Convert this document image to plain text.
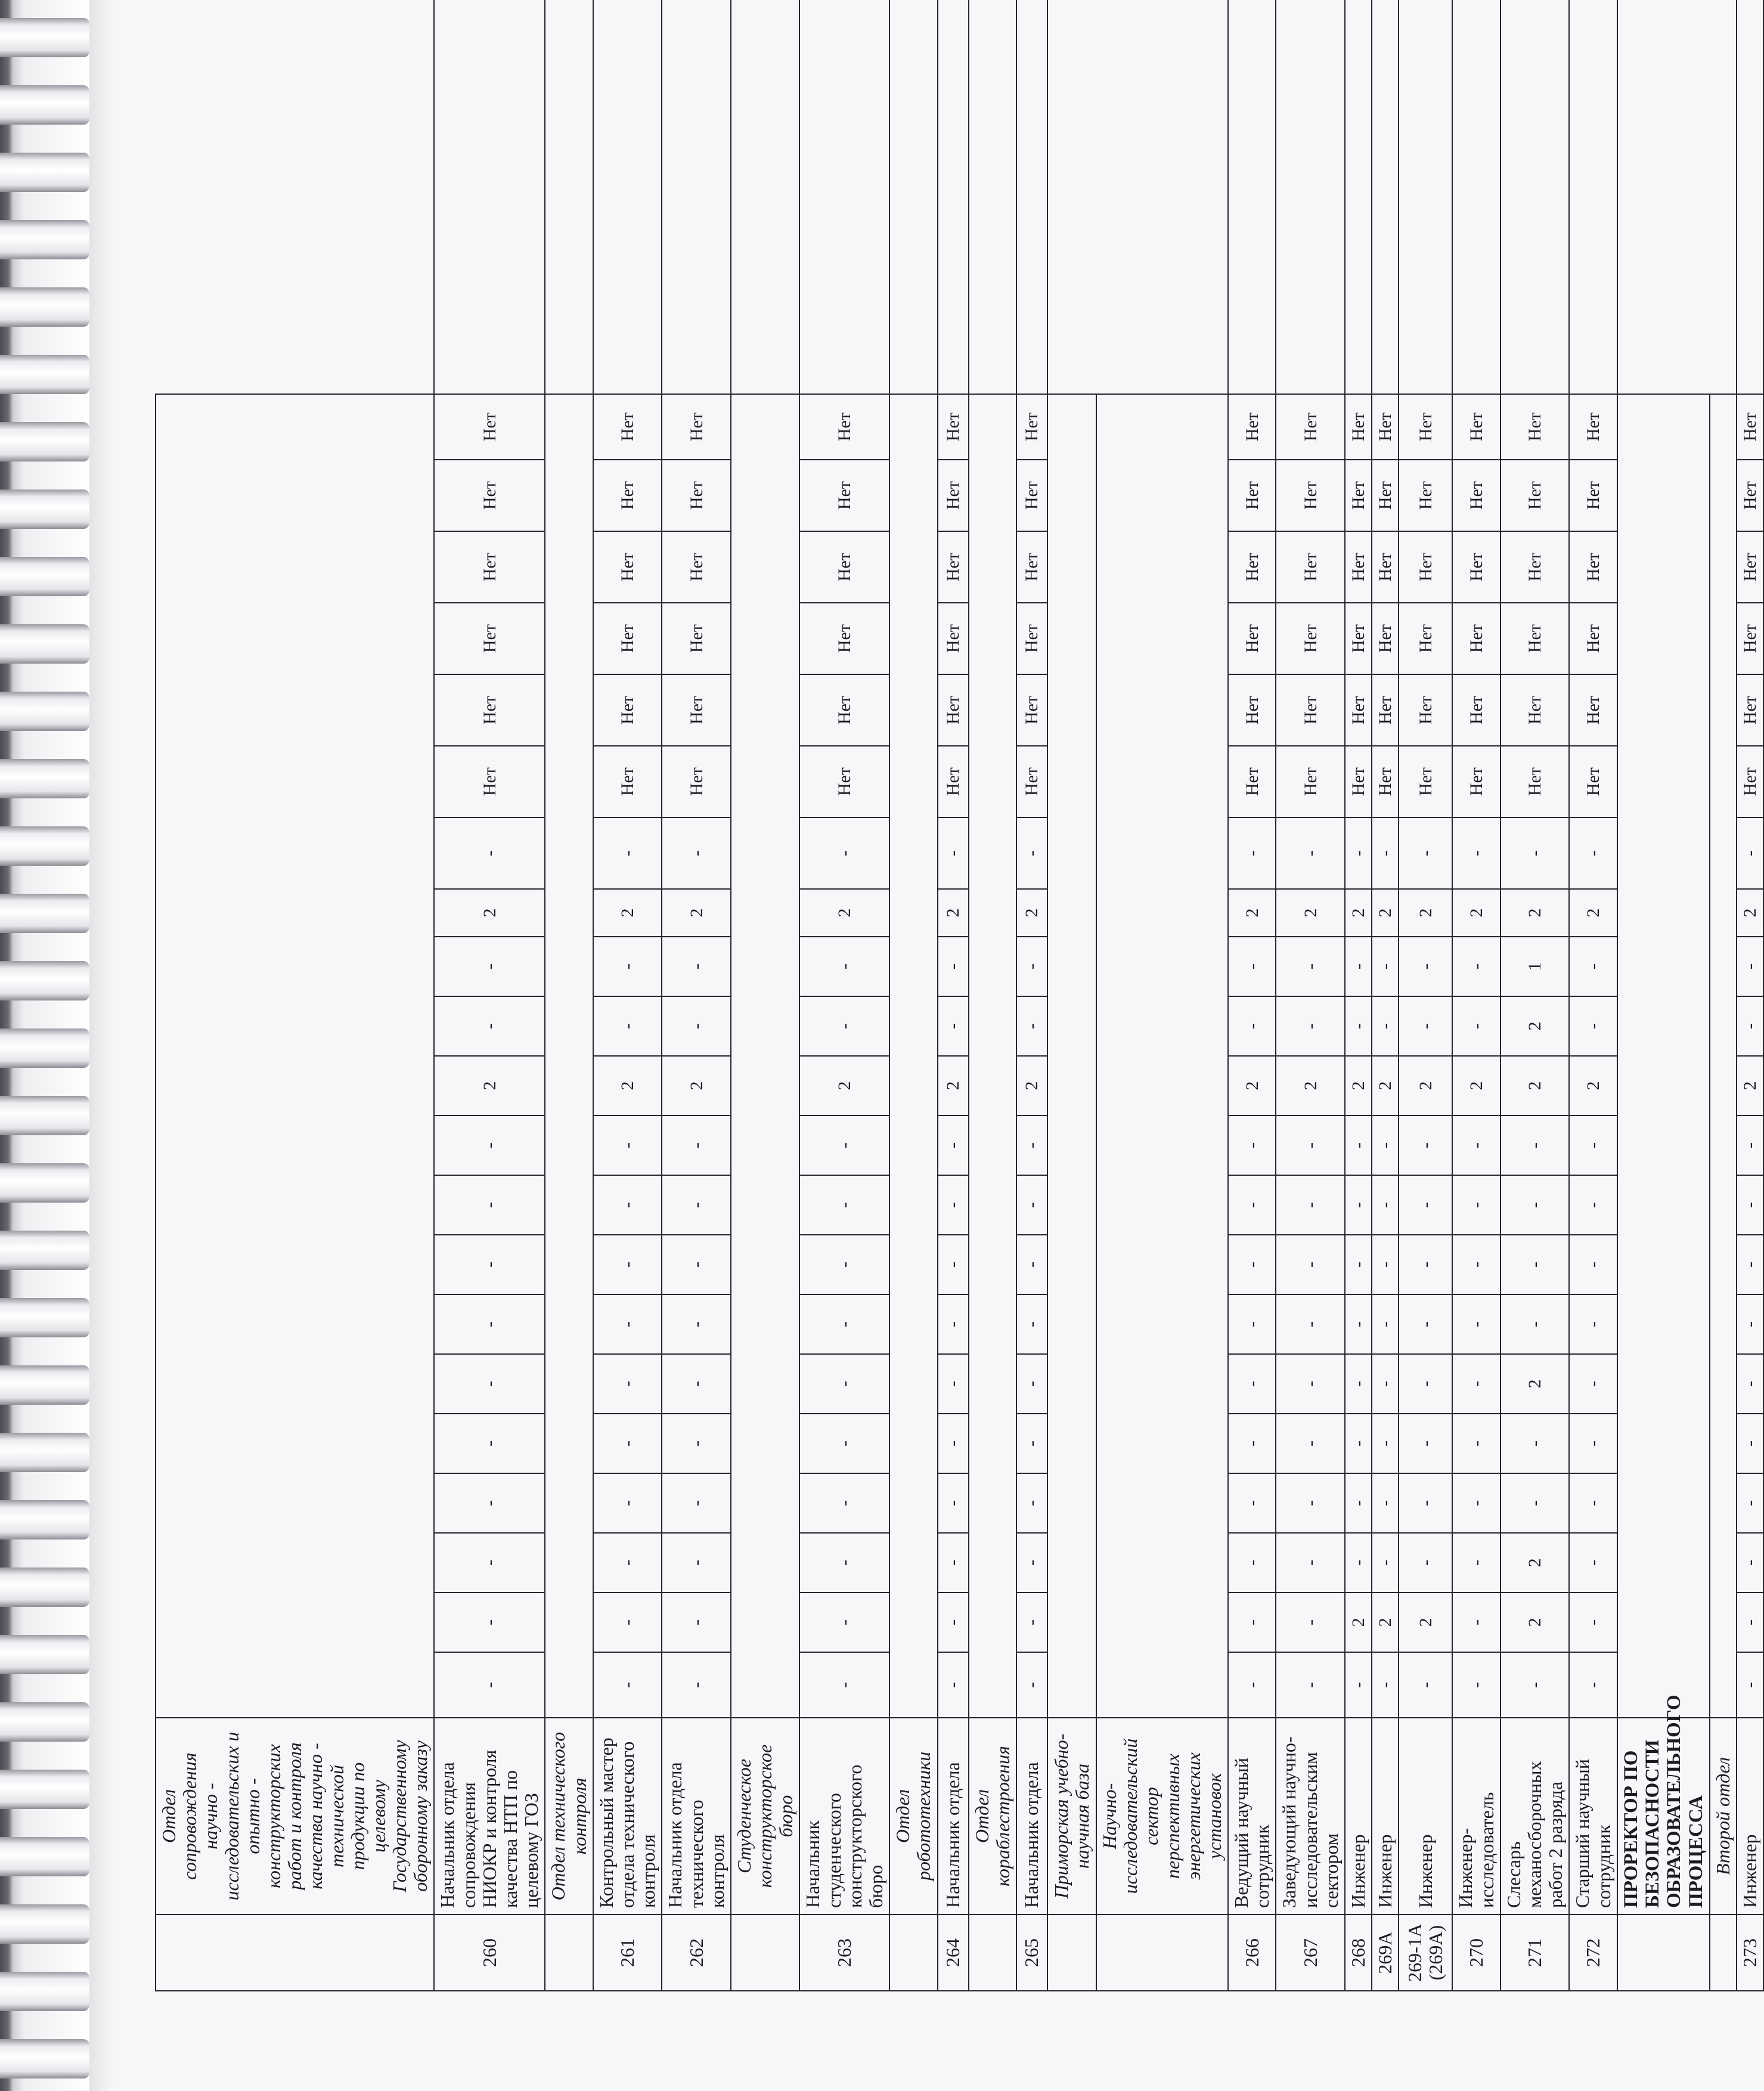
	Отдел сопровождения научно - исследовательских и опытно - конструкторских работ и контроля качества научно - технической продукции по целевому Государственному оборонному заказу																						
260	Начальник отдела сопровождения НИОКР и контроля качества НТП по целевому ГОЗ	-	-	-	-	-	-	-	-	-	-	2	-	-	2	-	Нет	Нет	Нет	Нет	Нет	Нет	
	Отдел технического контроля																						
261	Контрольный мастер отдела технического контроля	-	-	-	-	-	-	-	-	-	-	2	-	-	2	-	Нет	Нет	Нет	Нет	Нет	Нет	
262	Начальник отдела технического контроля	-	-	-	-	-	-	-	-	-	-	2	-	-	2	-	Нет	Нет	Нет	Нет	Нет	Нет	
	Студенческое конструкторское бюро																						
263	Начальник студенческого конструкторского бюро	-	-	-	-	-	-	-	-	-	-	2	-	-	2	-	Нет	Нет	Нет	Нет	Нет	Нет	
	Отдел робототехники																						
264	Начальник отдела	-	-	-	-	-	-	-	-	-	-	2	-	-	2	-	Нет	Нет	Нет	Нет	Нет	Нет	
	Отдел кораблестроения																						
265	Начальник отдела	-	-	-	-	-	-	-	-	-	-	2	-	-	2	-	Нет	Нет	Нет	Нет	Нет	Нет	
	Приморская учебно-научная база																						
	Научно-исследовательский сектор перспективных энергетических установок																						
266	Ведущий научный сотрудник	-	-	-	-	-	-	-	-	-	-	2	-	-	2	-	Нет	Нет	Нет	Нет	Нет	Нет	
267	Заведующий научно-исследовательским сектором	-	-	-	-	-	-	-	-	-	-	2	-	-	2	-	Нет	Нет	Нет	Нет	Нет	Нет	
268	Инженер	-	2	-	-	-	-	-	-	-	-	2	-	-	2	-	Нет	Нет	Нет	Нет	Нет	Нет	
269А	Инженер	-	2	-	-	-	-	-	-	-	-	2	-	-	2	-	Нет	Нет	Нет	Нет	Нет	Нет	
269-1А (269А)	Инженер	-	2	-	-	-	-	-	-	-	-	2	-	-	2	-	Нет	Нет	Нет	Нет	Нет	Нет	
270	Инженер-исследователь	-	-	-	-	-	-	-	-	-	-	2	-	-	2	-	Нет	Нет	Нет	Нет	Нет	Нет	
271	Слесарь механосборочных работ 2 разряда	-	2	2	-	-	2	-	-	-	-	2	2	1	2	-	Нет	Нет	Нет	Нет	Нет	Нет	
272	Старший научный сотрудник	-	-	-	-	-	-	-	-	-	-	2	-	-	2	-	Нет	Нет	Нет	Нет	Нет	Нет	
	ПРОРЕКТОР ПО БЕЗОПАСНОСТИ ОБРАЗОВАТЕЛЬНОГО ПРОЦЕССА																						
	Второй отдел																						
273	Инженер	-	-	-	-	-	-	-	-	-	-	2	-	-	2	-	Нет	Нет	Нет	Нет	Нет	Нет	
